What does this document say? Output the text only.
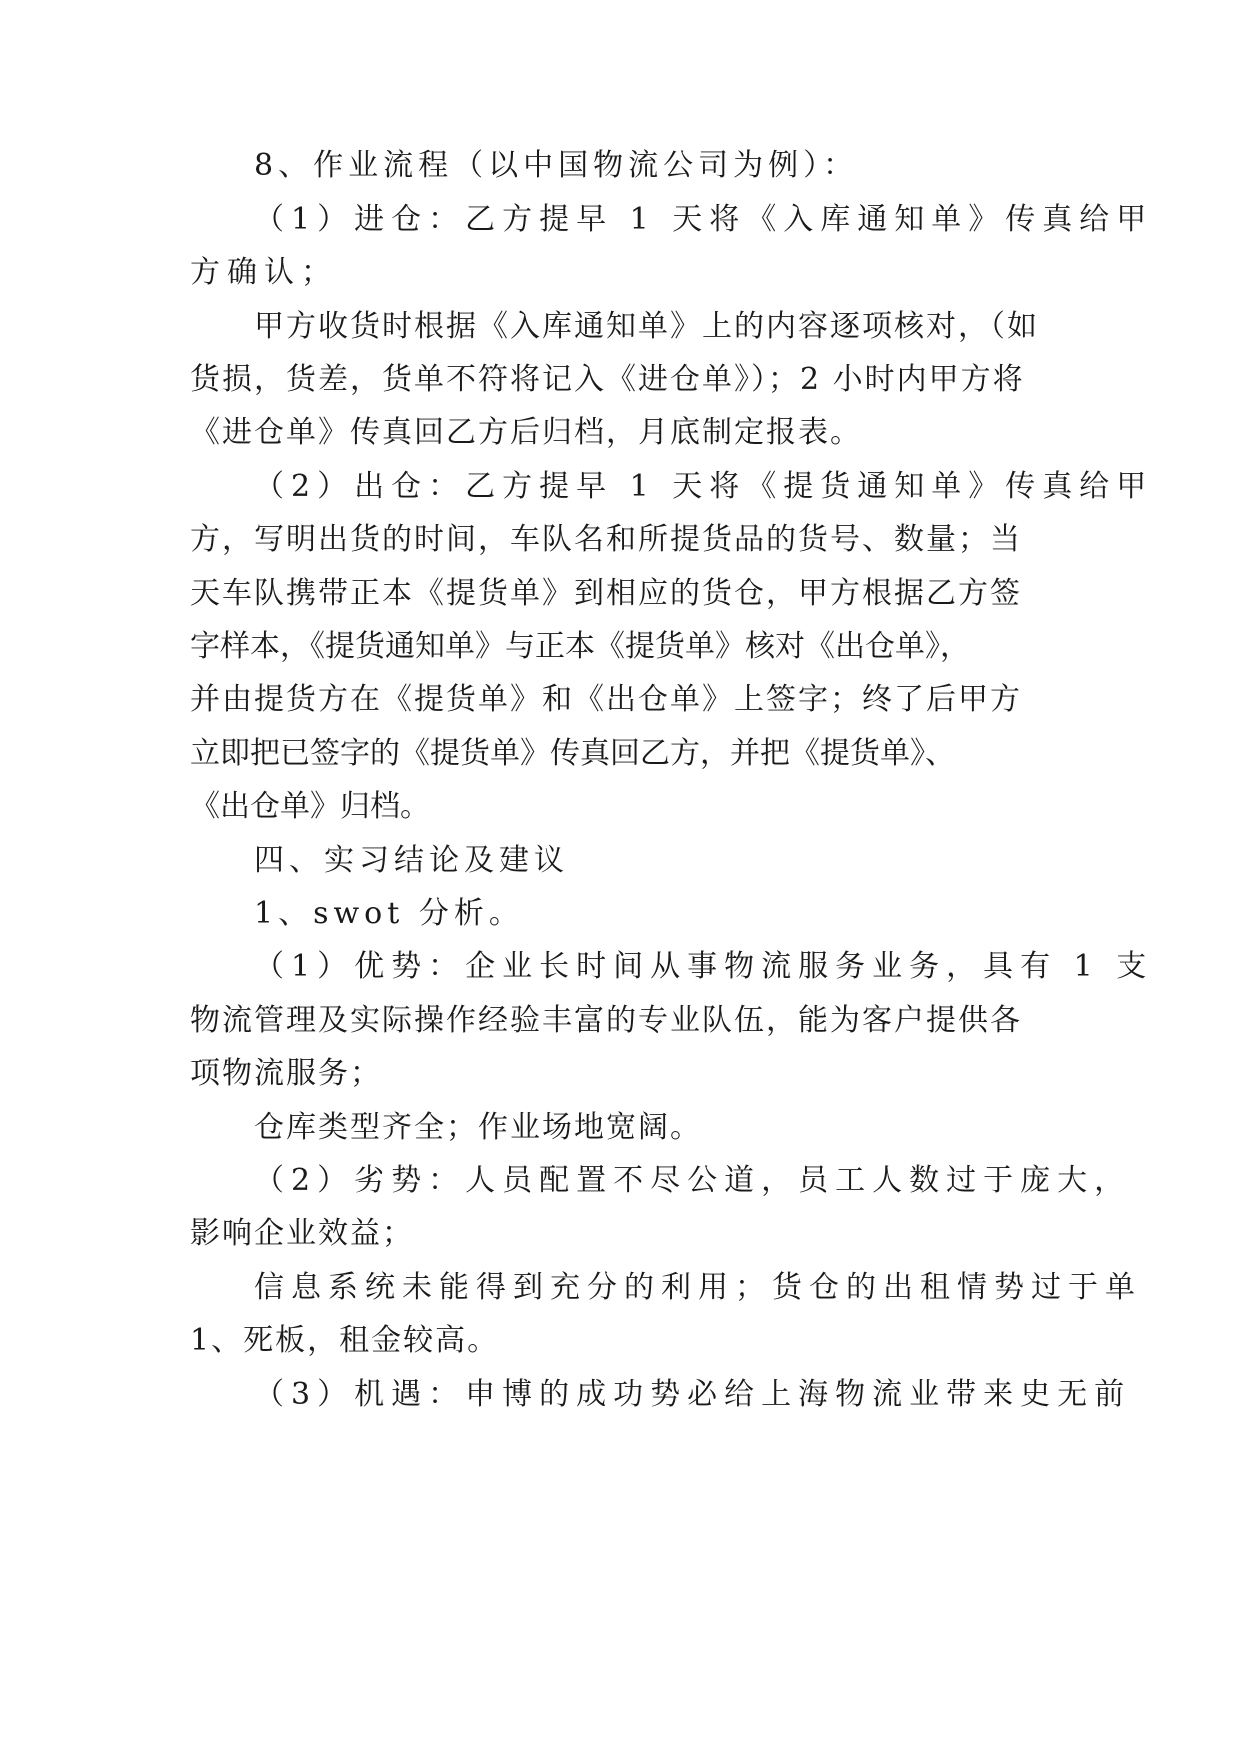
8、作业流程（以中国物流公司为例）：
（1）进仓：乙方提早 1 天将《入库通知单》传真给甲
方确认；
甲方收货时根据《入库通知单》上的内容逐项核对，（如
货损，货差，货单不符将记入《进仓单》）；2 小时内甲方将
《进仓单》传真回乙方后归档，月底制定报表。
（2）出仓：乙方提早 1 天将《提货通知单》传真给甲
方，写明出货的时间，车队名和所提货品的货号、数量；当
天车队携带正本《提货单》到相应的货仓，甲方根据乙方签
字样本，《提货通知单》与正本《提货单》核对《出仓单》，
并由提货方在《提货单》和《出仓单》上签字；终了后甲方
立即把已签字的《提货单》传真回乙方，并把《提货单》、
《出仓单》归档。
四、实习结论及建议
1、swot 分析。
（1）优势：企业长时间从事物流服务业务，具有 1 支
物流管理及实际操作经验丰富的专业队伍，能为客户提供各
项物流服务；
仓库类型齐全；作业场地宽阔。
（2）劣势：人员配置不尽公道，员工人数过于庞大，
影响企业效益；
信息系统未能得到充分的利用；货仓的出租情势过于单
1、死板，租金较高。
（3）机遇：申博的成功势必给上海物流业带来史无前
